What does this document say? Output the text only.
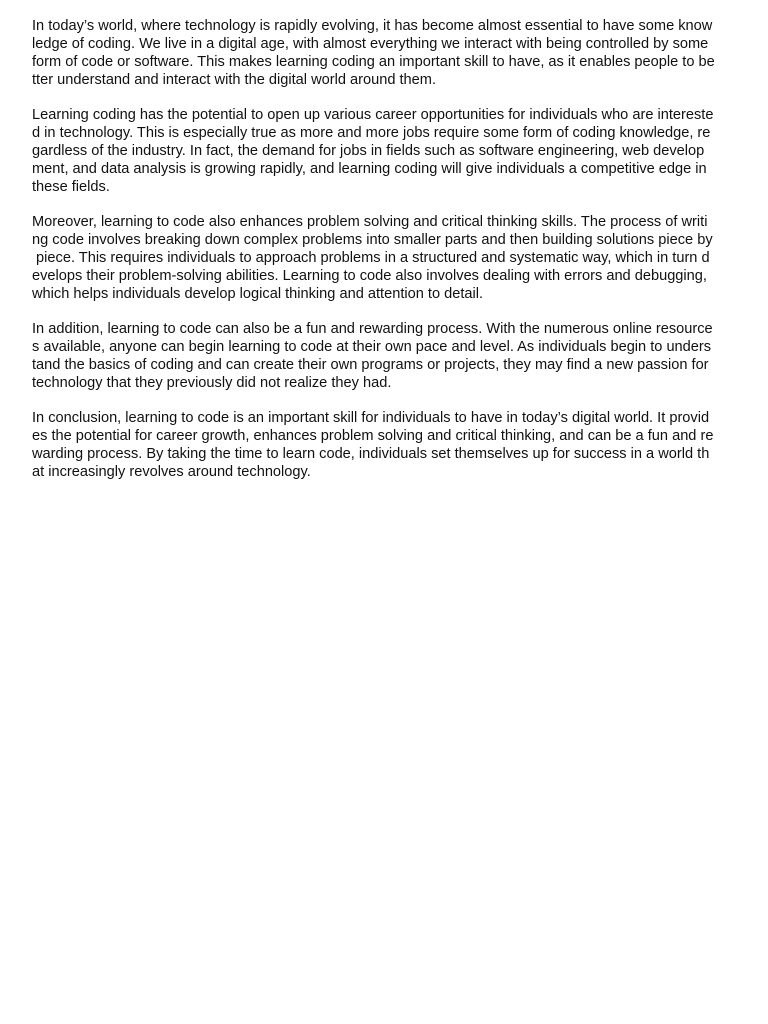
In today’s world, where technology is rapidly evolving, it has become almost essential to have some know
ledge of coding. We live in a digital age, with almost everything we interact with being controlled by some
form of code or software. This makes learning coding an important skill to have, as it enables people to be
tter understand and interact with the digital world around them.

Learning coding has the potential to open up various career opportunities for individuals who are intereste
d in technology. This is especially true as more and more jobs require some form of coding knowledge, re
gardless of the industry. In fact, the demand for jobs in fields such as software engineering, web develop
ment, and data analysis is growing rapidly, and learning coding will give individuals a competitive edge in
these fields.

Moreover, learning to code also enhances problem solving and critical thinking skills. The process of writi
ng code involves breaking down complex problems into smaller parts and then building solutions piece by
piece. This requires individuals to approach problems in a structured and systematic way, which in turn d
evelops their problem-solving abilities. Learning to code also involves dealing with errors and debugging,
which helps individuals develop logical thinking and attention to detail.

In addition, learning to code can also be a fun and rewarding process. With the numerous online resource
s available, anyone can begin learning to code at their own pace and level. As individuals begin to unders
tand the basics of coding and can create their own programs or projects, they may find a new passion for
technology that they previously did not realize they had.

In conclusion, learning to code is an important skill for individuals to have in today’s digital world. It provid
es the potential for career growth, enhances problem solving and critical thinking, and can be a fun and re
warding process. By taking the time to learn code, individuals set themselves up for success in a world th
at increasingly revolves around technology.
